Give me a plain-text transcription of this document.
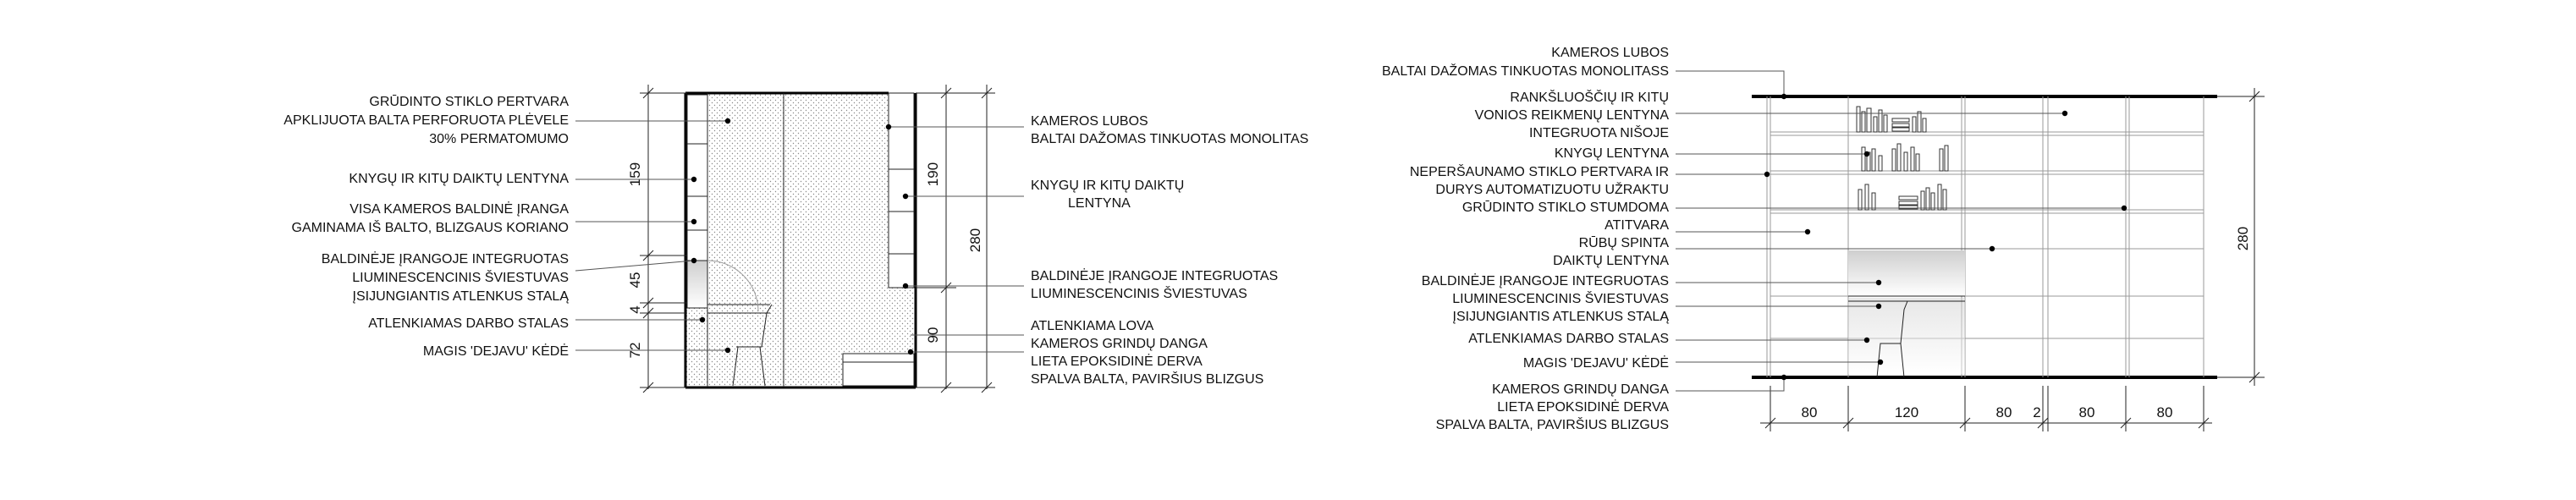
159
45
4
72
190
90
280
GRŪDINTO STIKLO PERTVARA
APKLIJUOTA BALTA PERFORUOTA PLĖVELE
30% PERMATOMUMO
KNYGŲ IR KITŲ DAIKTŲ LENTYNA
VISA KAMEROS BALDINĖ ĮRANGA
GAMINAMA IŠ BALTO, BLIZGAUS KORIANO
BALDINĖJE ĮRANGOJE INTEGRUOTAS
LIUMINESCENCINIS ŠVIESTUVAS
ĮSIJUNGIANTIS ATLENKUS STALĄ
ATLENKIAMAS DARBO STALAS
MAGIS 'DEJAVU' KĖDĖ
KAMEROS LUBOS
BALTAI DAŽOMAS TINKUOTAS MONOLITAS
KNYGŲ IR KITŲ DAIKTŲ
LENTYNA
BALDINĖJE ĮRANGOJE INTEGRUOTAS
LIUMINESCENCINIS ŠVIESTUVAS
ATLENKIAMA LOVA
KAMEROS GRINDŲ DANGA
LIETA EPOKSIDINĖ DERVA
SPALVA BALTA, PAVIRŠIUS BLIZGUS
280
80	120	80 2	80	80
KAMEROS LUBOS
BALTAI DAŽOMAS TINKUOTAS MONOLITASS
RANKŠLUOŠČIŲ IR KITŲ
VONIOS REIKMENŲ LENTYNA
INTEGRUOTA NIŠOJE
KNYGŲ LENTYNA
NEPERŠAUNAMO STIKLO PERTVARA IR
DURYS AUTOMATIZUOTU UŽRAKTU
GRŪDINTO STIKLO STUMDOMA
ATITVARA
RŪBŲ SPINTA
DAIKTŲ LENTYNA
BALDINĖJE ĮRANGOJE INTEGRUOTAS
LIUMINESCENCINIS ŠVIESTUVAS
ĮSIJUNGIANTIS ATLENKUS STALĄ
ATLENKIAMAS DARBO STALAS
MAGIS 'DEJAVU' KĖDĖ
KAMEROS GRINDŲ DANGA
LIETA EPOKSIDINĖ DERVA
SPALVA BALTA, PAVIRŠIUS BLIZGUS
